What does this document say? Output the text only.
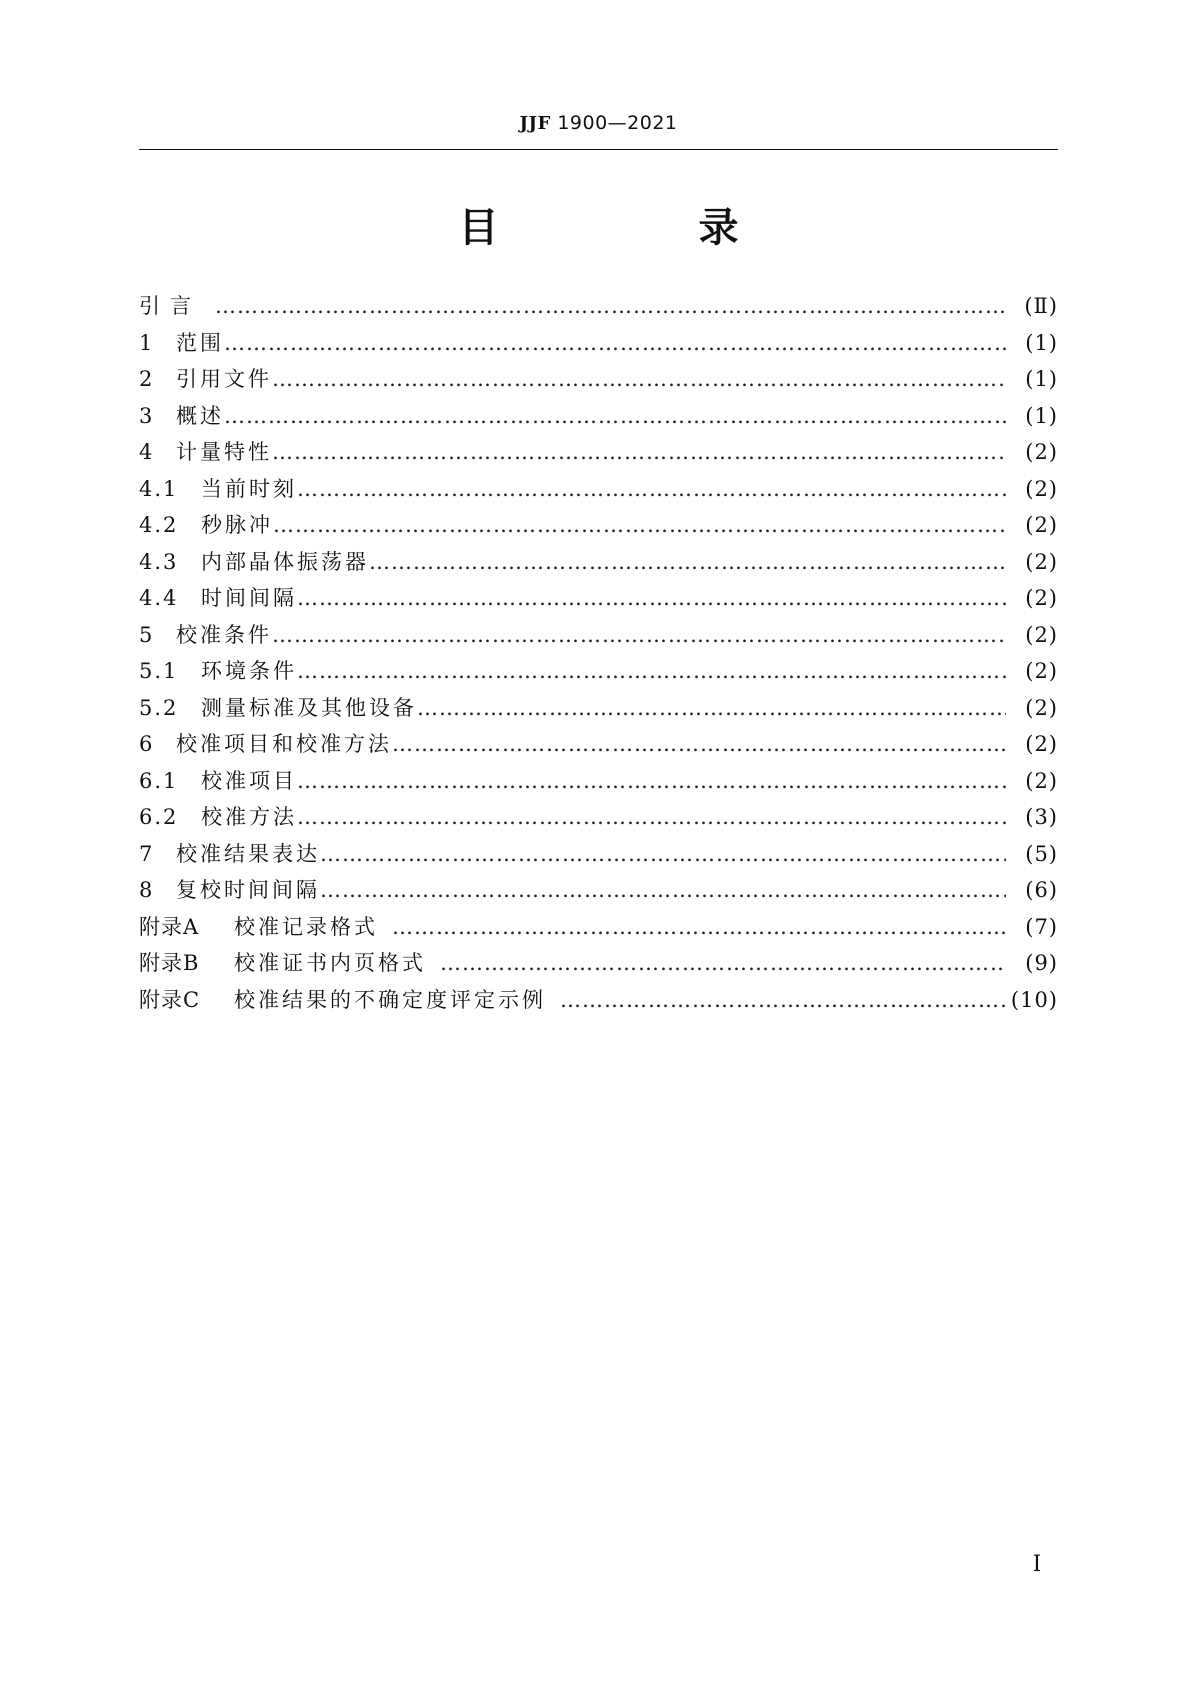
JJF 1900—2021
目　录
引言 …………………………………………………………………………………………………………………………………………………………………………………………………………………………………	(Ⅱ)
1	范围 …………………………………………………………………………………………………………………………………………………………………………………………………………………………………	(1)
2	引用文件 …………………………………………………………………………………………………………………………………………………………………………………………………………………………………	(1)
3	概述 …………………………………………………………………………………………………………………………………………………………………………………………………………………………………	(1)
4	计量特性 …………………………………………………………………………………………………………………………………………………………………………………………………………………………………	(2)
4.1	当前时刻 …………………………………………………………………………………………………………………………………………………………………………………………………………………………………	(2)
4.2	秒脉冲 …………………………………………………………………………………………………………………………………………………………………………………………………………………………………	(2)
4.3	内部晶体振荡器 …………………………………………………………………………………………………………………………………………………………………………………………………………………………………	(2)
4.4	时间间隔 …………………………………………………………………………………………………………………………………………………………………………………………………………………………………	(2)
5	校准条件 …………………………………………………………………………………………………………………………………………………………………………………………………………………………………	(2)
5.1	环境条件 …………………………………………………………………………………………………………………………………………………………………………………………………………………………………	(2)
5.2	测量标准及其他设备 …………………………………………………………………………………………………………………………………………………………………………………………………………………………………	(2)
6	校准项目和校准方法 …………………………………………………………………………………………………………………………………………………………………………………………………………………………………	(2)
6.1	校准项目 …………………………………………………………………………………………………………………………………………………………………………………………………………………………………	(2)
6.2	校准方法 …………………………………………………………………………………………………………………………………………………………………………………………………………………………………	(3)
7	校准结果表达 …………………………………………………………………………………………………………………………………………………………………………………………………………………………………	(5)
8	复校时间间隔 …………………………………………………………………………………………………………………………………………………………………………………………………………………………………	(6)
附录A	校准记录格式 …………………………………………………………………………………………………………………………………………………………………………………………………………………………………	(7)
附录B	校准证书内页格式 …………………………………………………………………………………………………………………………………………………………………………………………………………………………………	(9)
附录C	校准结果的不确定度评定示例 …………………………………………………………………………………………………………………………………………………………………………………………………………………………………	(10)
Ⅰ
